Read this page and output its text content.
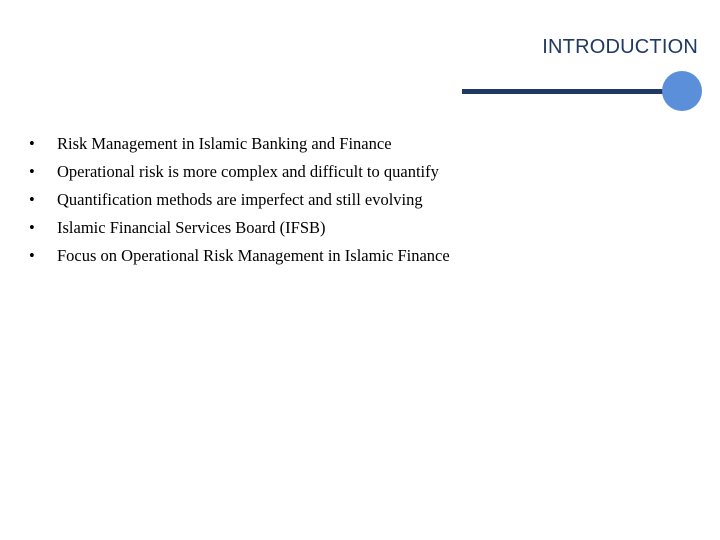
INTRODUCTION
• Risk Management in Islamic Banking and Finance
• Operational risk is more complex and difficult to quantify
• Quantification methods are imperfect and still evolving
• Islamic Financial Services Board (IFSB)
• Focus on Operational Risk Management in Islamic Finance
